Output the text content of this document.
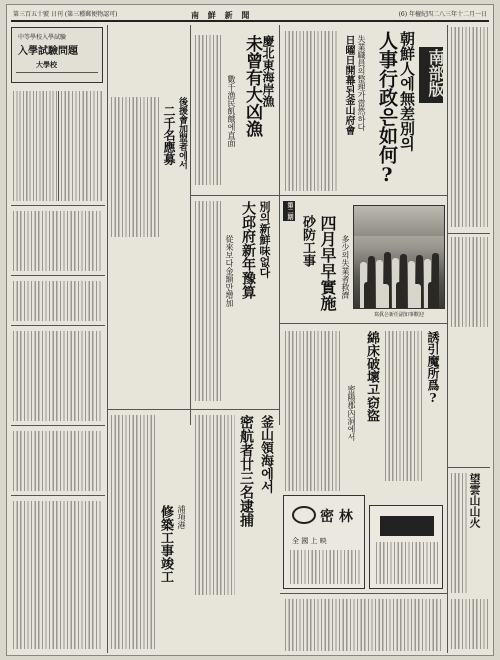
第三百五十號 日刊 (第三種郵便物認可)	南 鮮 新 聞	(6) 年檀紀四二八三年十二月一日
中等學校入學試驗
入學試驗問題
大學校
後援會加盟者에서
二千名應募
慶北東海岸漁
未曾有大凶漁
數千漁民飢餓에直面
別의新鮮味없다
大邱府新年豫算
從來보다金額만增加
釜山領海에서
密航者廿三名逮捕
浦項港
修築工事竣工
朝鮮人에無差別의
人事行政은如何?
失業職員의整理가當然하다
日曜日開幕된釜山府會	南部版
第二期
砂防工事 四月早早實施 多少의失業者救濟
寫眞은新任副知事歡迎
誘引魔所爲?
綿床破壞고窃盜
密陽郡內洞에서
望雲山山火
密 林
全 國 上 映
